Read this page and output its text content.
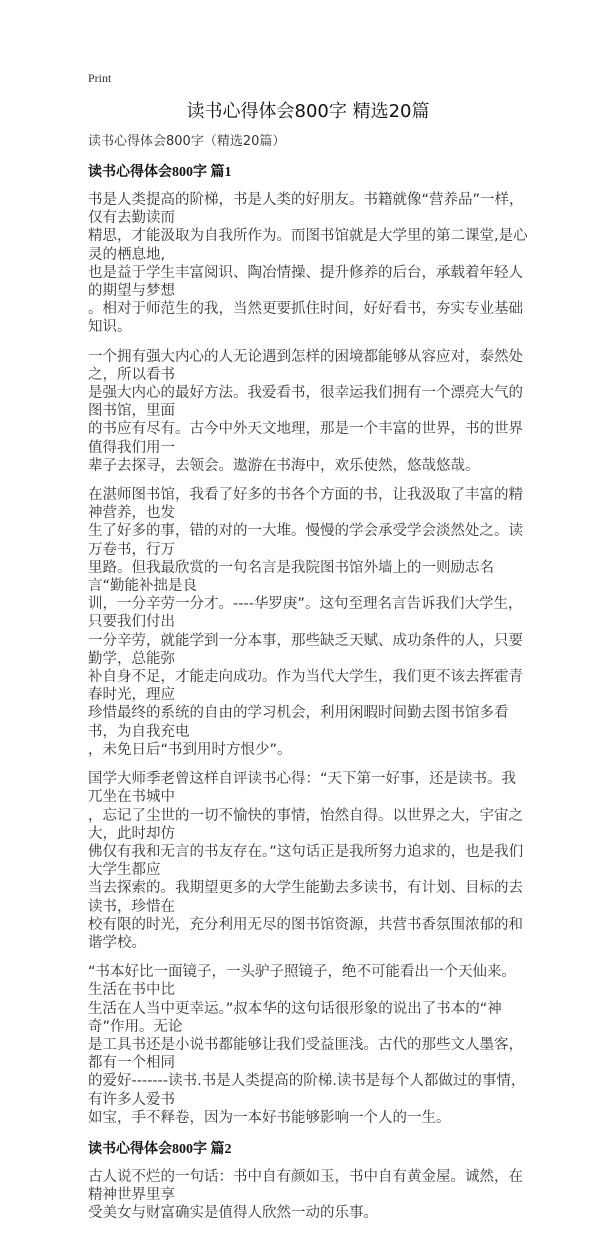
Print
读书心得体会800字 精选20篇
读书心得体会800字（精选20篇）
读书心得体会800字 篇1
书是人类提高的阶梯，书是人类的好朋友。书籍就像“营养品”一样，仅有去勤读而
精思，才能汲取为自我所作为。而图书馆就是大学里的第二课堂,是心灵的栖息地,
也是益于学生丰富阅识、陶冶情操、提升修养的后台，承载着年轻人的期望与梦想
。相对于师范生的我，当然更要抓住时间，好好看书，夯实专业基础知识。
一个拥有强大内心的人无论遇到怎样的困境都能够从容应对，泰然处之，所以看书
是强大内心的最好方法。我爱看书，很幸运我们拥有一个漂亮大气的图书馆，里面
的书应有尽有。古今中外天文地理，那是一个丰富的世界，书的世界值得我们用一
辈子去探寻，去领会。遨游在书海中，欢乐使然，悠哉悠哉。
在湛师图书馆，我看了好多的书各个方面的书，让我汲取了丰富的精神营养，也发
生了好多的事，错的对的一大堆。慢慢的学会承受学会淡然处之。读万卷书，行万
里路。但我最欣赏的一句名言是我院图书馆外墙上的一则励志名言“勤能补拙是良
训，一分辛劳一分才。----华罗庚”。这句至理名言告诉我们大学生，只要我们付出
一分辛劳，就能学到一分本事，那些缺乏天赋、成功条件的人，只要勤学，总能弥
补自身不足，才能走向成功。作为当代大学生，我们更不该去挥霍青春时光，理应
珍惜最终的系统的自由的学习机会，利用闲暇时间勤去图书馆多看书，为自我充电
，未免日后“书到用时方恨少”。
国学大师季老曾这样自评读书心得：“天下第一好事，还是读书。我兀坐在书城中
，忘记了尘世的一切不愉快的事情，怡然自得。以世界之大，宇宙之大，此时却仿
佛仅有我和无言的书友存在。”这句话正是我所努力追求的，也是我们大学生都应
当去探索的。我期望更多的大学生能勤去多读书，有计划、目标的去读书，珍惜在
校有限的时光，充分利用无尽的图书馆资源，共营书香氛围浓郁的和谐学校。
“书本好比一面镜子，一头驴子照镜子，绝不可能看出一个天仙来。生活在书中比
生活在人当中更幸运。”叔本华的这句话很形象的说出了书本的“神奇”作用。无论
是工具书还是小说书都能够让我们受益匪浅。古代的那些文人墨客，都有一个相同
的爱好-------读书.书是人类提高的阶梯.读书是每个人都做过的事情，有许多人爱书
如宝，手不释卷，因为一本好书能够影响一个人的一生。
读书心得体会800字 篇2
古人说不烂的一句话：书中自有颜如玉，书中自有黄金屋。诚然，在精神世界里享
受美女与财富确实是值得人欣然一动的乐事。
